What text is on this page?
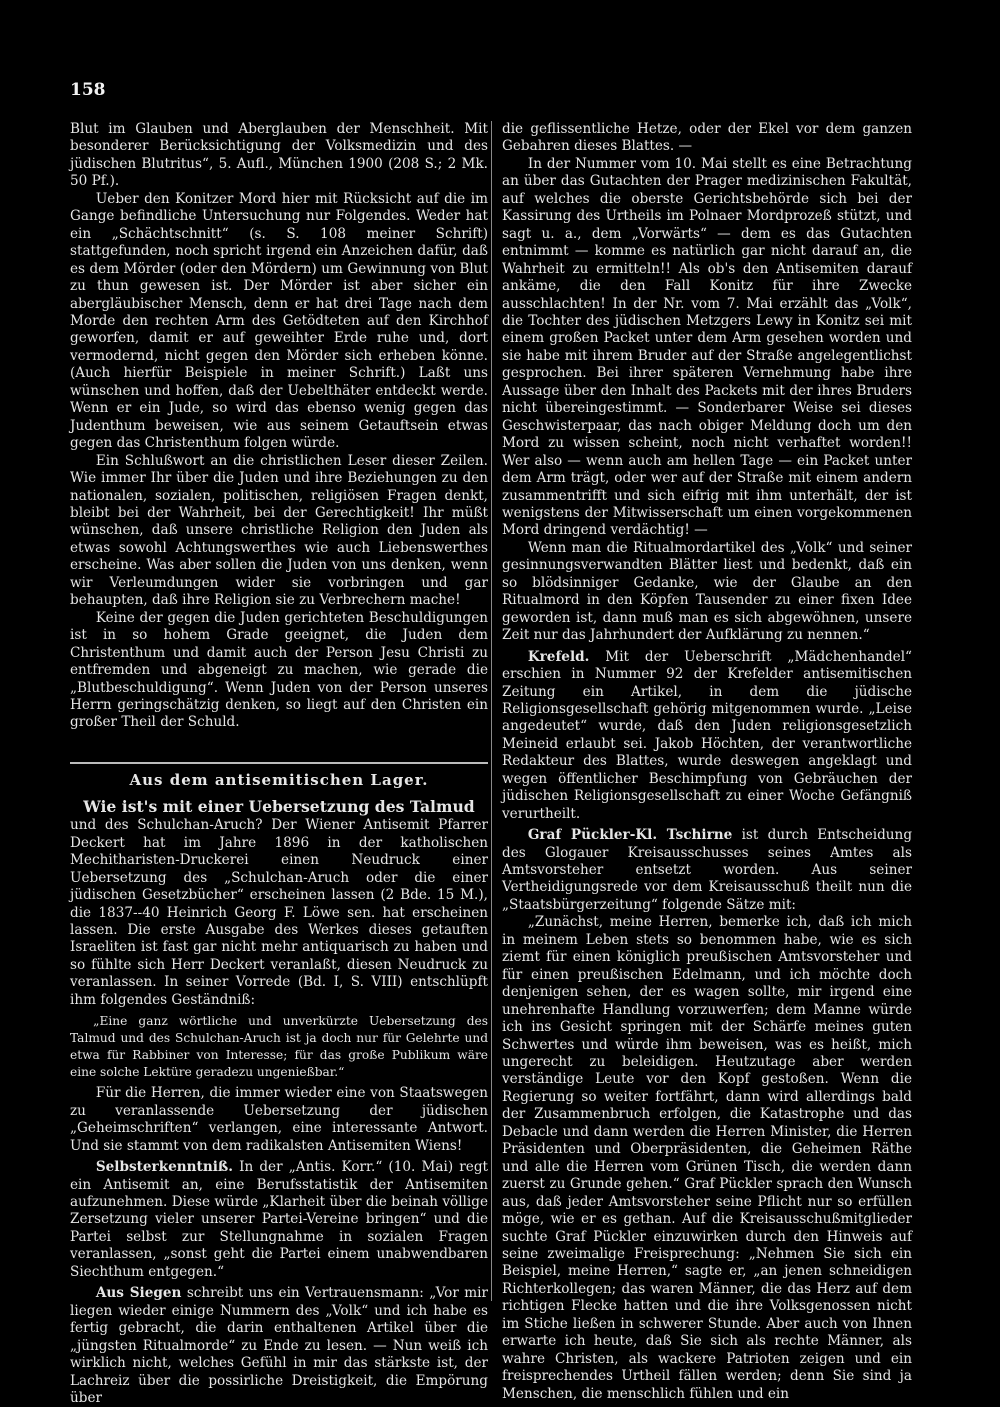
158

Blut im Glauben und Aberglauben der Menschheit. Mit besonderer Berücksichtigung der Volksmedizin und des jüdischen Blutritus“, 5. Aufl., München 1900 (208 S.; 2 Mk. 50 Pf.).

Ueber den Konitzer Mord hier mit Rücksicht auf die im Gange befindliche Untersuchung nur Folgendes. Weder hat ein „Schächtschnitt“ (s. S. 108 meiner Schrift) stattgefunden, noch spricht irgend ein Anzeichen dafür, daß es dem Mörder (oder den Mördern) um Gewinnung von Blut zu thun gewesen ist. Der Mörder ist aber sicher ein abergläubischer Mensch, denn er hat drei Tage nach dem Morde den rechten Arm des Getödteten auf den Kirchhof geworfen, damit er auf geweihter Erde ruhe und, dort vermodernd, nicht gegen den Mörder sich erheben könne. (Auch hierfür Beispiele in meiner Schrift.) Laßt uns wünschen und hoffen, daß der Uebelthäter entdeckt werde. Wenn er ein Jude, so wird das ebenso wenig gegen das Judenthum beweisen, wie aus seinem Getauftsein etwas gegen das Christenthum folgen würde.

Ein Schlußwort an die christlichen Leser dieser Zeilen. Wie immer Ihr über die Juden und ihre Beziehungen zu den nationalen, sozialen, politischen, religiösen Fragen denkt, bleibt bei der Wahrheit, bei der Gerechtigkeit! Ihr müßt wünschen, daß unsere christliche Religion den Juden als etwas sowohl Achtungswerthes wie auch Liebenswerthes erscheine. Was aber sollen die Juden von uns denken, wenn wir Verleumdungen wider sie vorbringen und gar behaupten, daß ihre Religion sie zu Verbrechern mache!

Keine der gegen die Juden gerichteten Beschuldigungen ist in so hohem Grade geeignet, die Juden dem Christenthum und damit auch der Person Jesu Christi zu entfremden und abgeneigt zu machen, wie gerade die „Blutbeschuldigung“. Wenn Juden von der Person unseres Herrn geringschätzig denken, so liegt auf den Christen ein großer Theil der Schuld.

Aus dem antisemitischen Lager.
Wie ist's mit einer Uebersetzung des Talmud

und des Schulchan-Aruch? Der Wiener Antisemit Pfarrer Deckert hat im Jahre 1896 in der katholischen Mechitharisten-Druckerei einen Neudruck einer Uebersetzung des „Schulchan-Aruch oder die einer jüdischen Gesetzbücher“ erscheinen lassen (2 Bde. 15 M.), die 1837--40 Heinrich Georg F. Löwe sen. hat erscheinen lassen. Die erste Ausgabe des Werkes dieses getauften Israeliten ist fast gar nicht mehr antiquarisch zu haben und so fühlte sich Herr Deckert veranlaßt, diesen Neudruck zu veranlassen. In seiner Vorrede (Bd. I, S. VIII) entschlüpft ihm folgendes Geständniß:

„Eine ganz wörtliche und unverkürzte Uebersetzung des Talmud und des Schulchan-Aruch ist ja doch nur für Gelehrte und etwa für Rabbiner von Interesse; für das große Publikum wäre eine solche Lektüre geradezu ungenießbar.“

Für die Herren, die immer wieder eine von Staatswegen zu veranlassende Uebersetzung der jüdischen „Geheimschriften“ verlangen, eine interessante Antwort. Und sie stammt von dem radikalsten Antisemiten Wiens!

Selbsterkenntniß. In der „Antis. Korr.“ (10. Mai) regt ein Antisemit an, eine Berufsstatistik der Antisemiten aufzunehmen. Diese würde „Klarheit über die beinah völlige Zersetzung vieler unserer Partei-Vereine bringen“ und die Partei selbst zur Stellungnahme in sozialen Fragen veranlassen, „sonst geht die Partei einem unabwendbaren Siechthum entgegen.“

Aus Siegen schreibt uns ein Vertrauensmann: „Vor mir liegen wieder einige Nummern des „Volk“ und ich habe es fertig gebracht, die darin enthaltenen Artikel über die „jüngsten Ritualmorde“ zu Ende zu lesen. — Nun weiß ich wirklich nicht, welches Gefühl in mir das stärkste ist, der Lachreiz über die possirliche Dreistigkeit, die Empörung über

die geflissentliche Hetze, oder der Ekel vor dem ganzen Gebahren dieses Blattes. —

In der Nummer vom 10. Mai stellt es eine Betrachtung an über das Gutachten der Prager medizinischen Fakultät, auf welches die oberste Gerichtsbehörde sich bei der Kassirung des Urtheils im Polnaer Mordprozeß stützt, und sagt u. a., dem „Vorwärts“ — dem es das Gutachten entnimmt — komme es natürlich gar nicht darauf an, die Wahrheit zu ermitteln!! Als ob's den Antisemiten darauf ankäme, die den Fall Konitz für ihre Zwecke ausschlachten! In der Nr. vom 7. Mai erzählt das „Volk“, die Tochter des jüdischen Metzgers Lewy in Konitz sei mit einem großen Packet unter dem Arm gesehen worden und sie habe mit ihrem Bruder auf der Straße angelegentlichst gesprochen. Bei ihrer späteren Vernehmung habe ihre Aussage über den Inhalt des Packets mit der ihres Bruders nicht übereingestimmt. — Sonderbarer Weise sei dieses Geschwisterpaar, das nach obiger Meldung doch um den Mord zu wissen scheint, noch nicht verhaftet worden!! Wer also — wenn auch am hellen Tage — ein Packet unter dem Arm trägt, oder wer auf der Straße mit einem andern zusammentrifft und sich eifrig mit ihm unterhält, der ist wenigstens der Mitwisserschaft um einen vorgekommenen Mord dringend verdächtig! —

Wenn man die Ritualmordartikel des „Volk“ und seiner gesinnungsverwandten Blätter liest und bedenkt, daß ein so blödsinniger Gedanke, wie der Glaube an den Ritualmord in den Köpfen Tausender zu einer fixen Idee geworden ist, dann muß man es sich abgewöhnen, unsere Zeit nur das Jahrhundert der Aufklärung zu nennen.“

Krefeld. Mit der Ueberschrift „Mädchenhandel“ erschien in Nummer 92 der Krefelder antisemitischen Zeitung ein Artikel, in dem die jüdische Religionsgesellschaft gehörig mitgenommen wurde. „Leise angedeutet“ wurde, daß den Juden religionsgesetzlich Meineid erlaubt sei. Jakob Höchten, der verantwortliche Redakteur des Blattes, wurde deswegen angeklagt und wegen öffentlicher Beschimpfung von Gebräuchen der jüdischen Religionsgesellschaft zu einer Woche Gefängniß verurtheilt.

Graf Pückler-Kl. Tschirne ist durch Entscheidung des Glogauer Kreisausschusses seines Amtes als Amtsvorsteher entsetzt worden. Aus seiner Vertheidigungsrede vor dem Kreisausschuß theilt nun die „Staatsbürgerzeitung“ folgende Sätze mit:

„Zunächst, meine Herren, bemerke ich, daß ich mich in meinem Leben stets so benommen habe, wie es sich ziemt für einen königlich preußischen Amtsvorsteher und für einen preußischen Edelmann, und ich möchte doch denjenigen sehen, der es wagen sollte, mir irgend eine unehrenhafte Handlung vorzuwerfen; dem Manne würde ich ins Gesicht springen mit der Schärfe meines guten Schwertes und würde ihm beweisen, was es heißt, mich ungerecht zu beleidigen. Heutzutage aber werden verständige Leute vor den Kopf gestoßen. Wenn die Regierung so weiter fortfährt, dann wird allerdings bald der Zusammenbruch erfolgen, die Katastrophe und das Debacle und dann werden die Herren Minister, die Herren Präsidenten und Oberpräsidenten, die Geheimen Räthe und alle die Herren vom Grünen Tisch, die werden dann zuerst zu Grunde gehen.“ Graf Pückler sprach den Wunsch aus, daß jeder Amtsvorsteher seine Pflicht nur so erfüllen möge, wie er es gethan. Auf die Kreisausschußmitglieder suchte Graf Pückler einzuwirken durch den Hinweis auf seine zweimalige Freisprechung: „Nehmen Sie sich ein Beispiel, meine Herren,“ sagte er, „an jenen schneidigen Richterkollegen; das waren Männer, die das Herz auf dem richtigen Flecke hatten und die ihre Volksgenossen nicht im Stiche ließen in schwerer Stunde. Aber auch von Ihnen erwarte ich heute, daß Sie sich als rechte Männer, als wahre Christen, als wackere Patrioten zeigen und ein freisprechendes Urtheil fällen werden; denn Sie sind ja Menschen, die menschlich fühlen und ein
